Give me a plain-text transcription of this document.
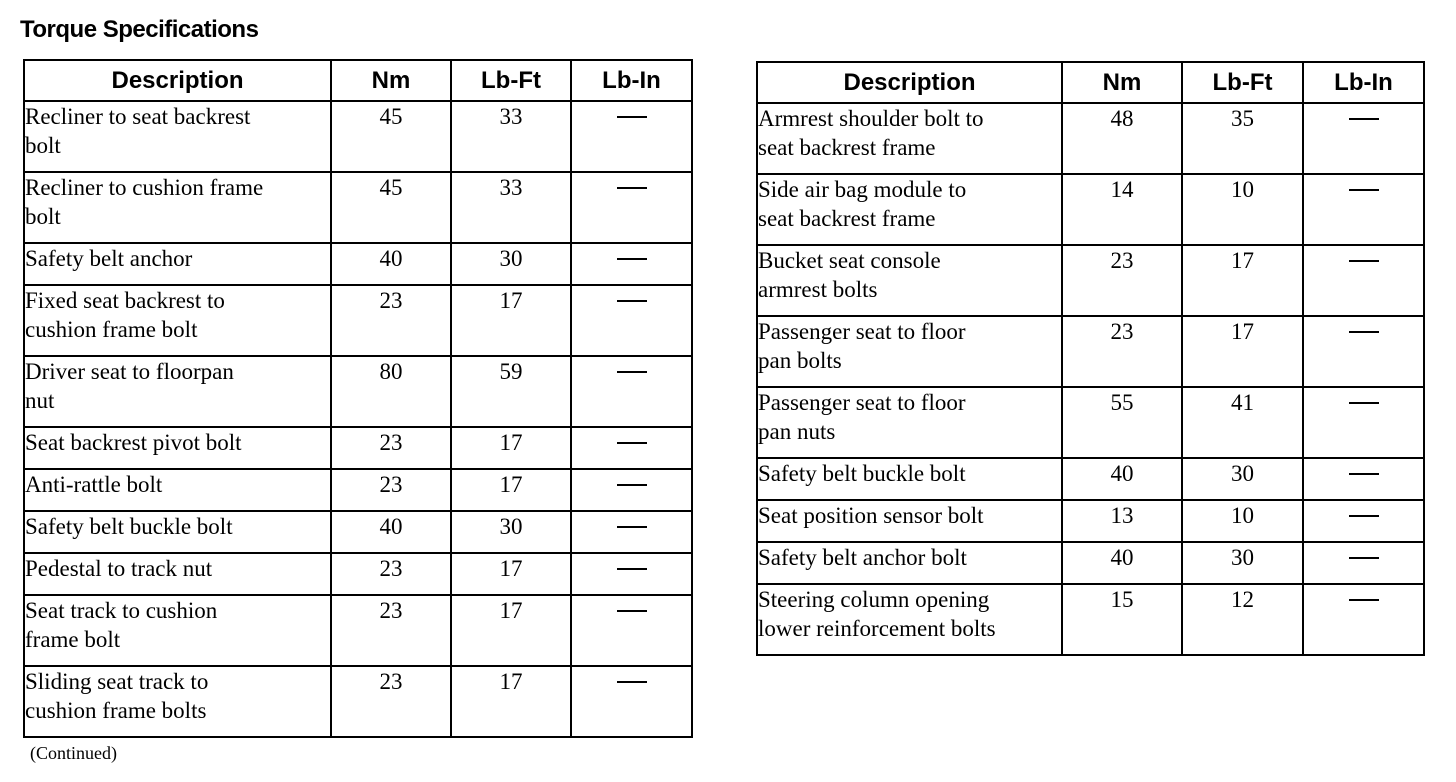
Torque Specifications
Description	Nm	Lb-Ft	Lb-In

Recliner to seat backrest
bolt	45	33	

Recliner to cushion frame
bolt	45	33	

Safety belt anchor	40	30	

Fixed seat backrest to
cushion frame bolt	23	17	

Driver seat to floorpan
nut	80	59	

Seat backrest pivot bolt	23	17	

Anti-rattle bolt	23	17	

Safety belt buckle bolt	40	30	

Pedestal to track nut	23	17	

Seat track to cushion
frame bolt	23	17	

Sliding seat track to
cushion frame bolts	23	17	
Description	Nm	Lb-Ft	Lb-In

Armrest shoulder bolt to
seat backrest frame	48	35	

Side air bag module to
seat backrest frame	14	10	

Bucket seat console
armrest bolts	23	17	

Passenger seat to floor
pan bolts	23	17	

Passenger seat to floor
pan nuts	55	41	

Safety belt buckle bolt	40	30	

Seat position sensor bolt	13	10	

Safety belt anchor bolt	40	30	

Steering column opening
lower reinforcement bolts	15	12	
(Continued)
